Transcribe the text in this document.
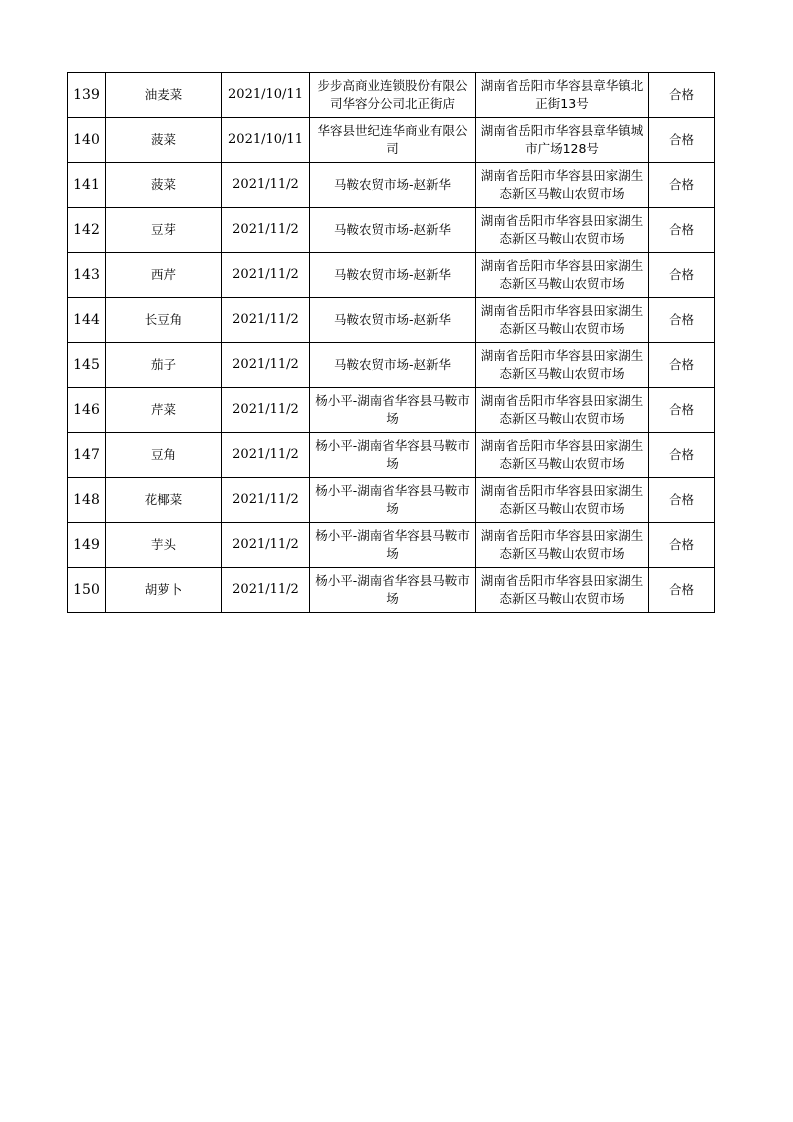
139	油麦菜	2021/10/11	步步高商业连锁股份有限公司华容分公司北正街店	湖南省岳阳市华容县章华镇北正街13号	合格
140	菠菜	2021/10/11	华容县世纪连华商业有限公司	湖南省岳阳市华容县章华镇城市广场128号	合格
141	菠菜	2021/11/2	马鞍农贸市场-赵新华	湖南省岳阳市华容县田家湖生态新区马鞍山农贸市场	合格
142	豆芽	2021/11/2	马鞍农贸市场-赵新华	湖南省岳阳市华容县田家湖生态新区马鞍山农贸市场	合格
143	西芹	2021/11/2	马鞍农贸市场-赵新华	湖南省岳阳市华容县田家湖生态新区马鞍山农贸市场	合格
144	长豆角	2021/11/2	马鞍农贸市场-赵新华	湖南省岳阳市华容县田家湖生态新区马鞍山农贸市场	合格
145	茄子	2021/11/2	马鞍农贸市场-赵新华	湖南省岳阳市华容县田家湖生态新区马鞍山农贸市场	合格
146	芹菜	2021/11/2	杨小平-湖南省华容县马鞍市场	湖南省岳阳市华容县田家湖生态新区马鞍山农贸市场	合格
147	豆角	2021/11/2	杨小平-湖南省华容县马鞍市场	湖南省岳阳市华容县田家湖生态新区马鞍山农贸市场	合格
148	花椰菜	2021/11/2	杨小平-湖南省华容县马鞍市场	湖南省岳阳市华容县田家湖生态新区马鞍山农贸市场	合格
149	芋头	2021/11/2	杨小平-湖南省华容县马鞍市场	湖南省岳阳市华容县田家湖生态新区马鞍山农贸市场	合格
150	胡萝卜	2021/11/2	杨小平-湖南省华容县马鞍市场	湖南省岳阳市华容县田家湖生态新区马鞍山农贸市场	合格
